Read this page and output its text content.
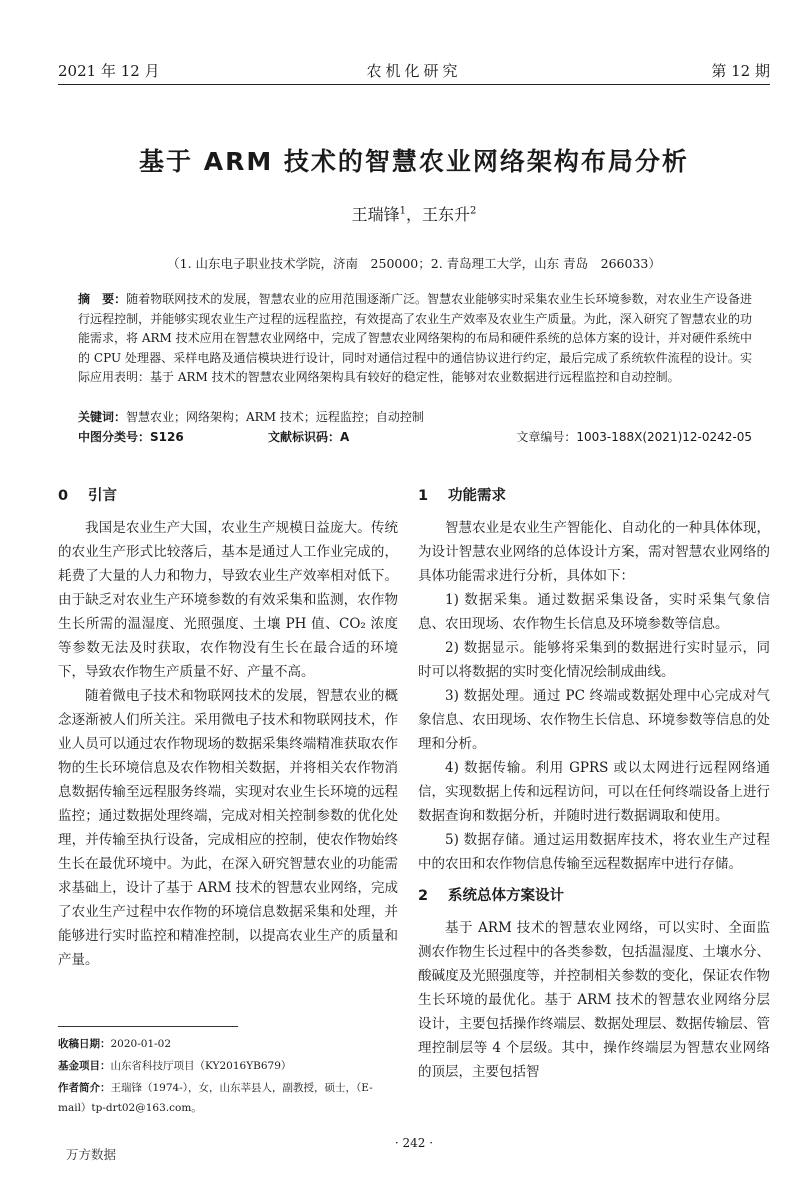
2021 年 12 月	农机化研究	第 12 期
基于 ARM 技术的智慧农业网络架构布局分析
王瑞锋$^1$，王东升$^2$
（1. 山东电子职业技术学院，济南　250000；2. 青岛理工大学，山东 青岛　266033）
摘　要：随着物联网技术的发展，智慧农业的应用范围逐渐广泛。智慧农业能够实时采集农业生长环境参数，对农业生产设备进行远程控制，并能够实现农业生产过程的远程监控，有效提高了农业生产效率及农业生产质量。为此，深入研究了智慧农业的功能需求，将 ARM 技术应用在智慧农业网络中，完成了智慧农业网络架构的布局和硬件系统的总体方案的设计，并对硬件系统中的 CPU 处理器、采样电路及通信模块进行设计，同时对通信过程中的通信协议进行约定，最后完成了系统软件流程的设计。实际应用表明：基于 ARM 技术的智慧农业网络架构具有较好的稳定性，能够对农业数据进行远程监控和自动控制。
关键词：智慧农业；网络架构；ARM 技术；远程监控；自动控制
中图分类号：S126	文献标识码：A	文章编号：1003-188X(2021)12-0242-05
0 引言

我国是农业生产大国，农业生产规模日益庞大。传统的农业生产形式比较落后，基本是通过人工作业完成的，耗费了大量的人力和物力，导致农业生产效率相对低下。由于缺乏对农业生产环境参数的有效采集和监测，农作物生长所需的温湿度、光照强度、土壤 PH 值、CO₂ 浓度等参数无法及时获取，农作物没有生长在最合适的环境下，导致农作物生产质量不好、产量不高。

随着微电子技术和物联网技术的发展，智慧农业的概念逐渐被人们所关注。采用微电子技术和物联网技术，作业人员可以通过农作物现场的数据采集终端精准获取农作物的生长环境信息及农作物相关数据，并将相关农作物消息数据传输至远程服务终端，实现对农业生长环境的远程监控；通过数据处理终端，完成对相关控制参数的优化处理，并传输至执行设备，完成相应的控制，使农作物始终生长在最优环境中。为此，在深入研究智慧农业的功能需求基础上，设计了基于 ARM 技术的智慧农业网络，完成了农业生产过程中农作物的环境信息数据采集和处理，并能够进行实时监控和精准控制，以提高农业生产的质量和产量。

1 功能需求

智慧农业是农业生产智能化、自动化的一种具体体现，为设计智慧农业网络的总体设计方案，需对智慧农业网络的具体功能需求进行分析，具体如下：

1) 数据采集。通过数据采集设备，实时采集气象信息、农田现场、农作物生长信息及环境参数等信息。

2) 数据显示。能够将采集到的数据进行实时显示，同时可以将数据的实时变化情况绘制成曲线。

3) 数据处理。通过 PC 终端或数据处理中心完成对气象信息、农田现场、农作物生长信息、环境参数等信息的处理和分析。

4) 数据传输。利用 GPRS 或以太网进行远程网络通信，实现数据上传和远程访问，可以在任何终端设备上进行数据查询和数据分析，并随时进行数据调取和使用。

5) 数据存储。通过运用数据库技术，将农业生产过程中的农田和农作物信息传输至远程数据库中进行存储。

2 系统总体方案设计

基于 ARM 技术的智慧农业网络，可以实时、全面监测农作物生长过程中的各类参数，包括温湿度、土壤水分、酸碱度及光照强度等，并控制相关参数的变化，保证农作物生长环境的最优化。基于 ARM 技术的智慧农业网络分层设计，主要包括操作终端层、数据处理层、数据传输层、管理控制层等 4 个层级。其中，操作终端层为智慧农业网络的顶层，主要包括智

收稿日期：2020-01-02
基金项目：山东省科技厅项目（KY2016YB679）
作者简介：王瑞锋（1974-），女，山东莘县人，副教授，硕士，（E-mail）tp-drt02@163.com。
· 242 ·
万方数据
